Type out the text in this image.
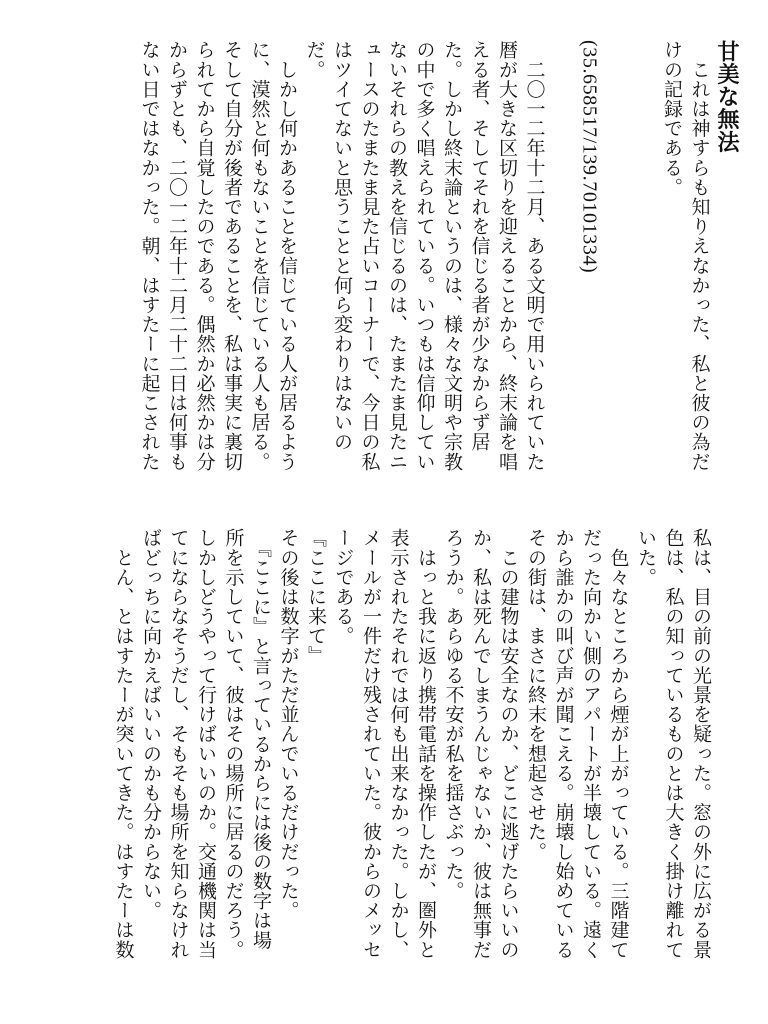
甘美な無法
　これは神すらも知りえなかった、私と彼の為だ
けの記録である。

(35.658517/139.70101334)

　二〇一二年十二月、ある文明で用いられていた
暦が大きな区切りを迎えることから、終末論を唱
える者、そしてそれを信じる者が少なからず居
た。しかし終末論というのは、様々な文明や宗教
の中で多く唱えられている。いつもは信仰してい
ないそれらの教えを信じるのは、たまたま見たニ
ュースのたまたま見た占いコーナーで、今日の私
はツイてないと思うことと何ら変わりはないの
だ。
　しかし何かあることを信じている人が居るよう
に、漠然と何もないことを信じている人も居る。
そして自分が後者であることを、私は事実に裏切
られてから自覚したのである。偶然か必然かは分
からずとも、二〇一二年十二月二十二日は何事も
ない日ではなかった。朝、はすたーに起こされた
私は、目の前の光景を疑った。窓の外に広がる景
色は、私の知っているものとは大きく掛け離れて
いた。
　色々なところから煙が上がっている。三階建て
だった向かい側のアパートが半壊している。遠く
から誰かの叫び声が聞こえる。崩壊し始めている
その街は、まさに終末を想起させた。
　この建物は安全なのか、どこに逃げたらいいの
か、私は死んでしまうんじゃないか、彼は無事だ
ろうか。あらゆる不安が私を揺さぶった。
　はっと我に返り携帯電話を操作したが、圏外と
表示されたそれでは何も出来なかった。しかし、
メールが一件だけ残されていた。彼からのメッセ
ージである。
『ここに来て』
その後は数字がただ並んでいるだけだった。
　『ここに』と言っているからには後の数字は場
所を示していて、彼はその場所に居るのだろう。
しかしどうやって行けばいいのか。交通機関は当
てにならなそうだし、そもそも場所を知らなけれ
ばどっちに向かえばいいのかも分からない。
　とん、とはすたーが突いてきた。はすたーは数
